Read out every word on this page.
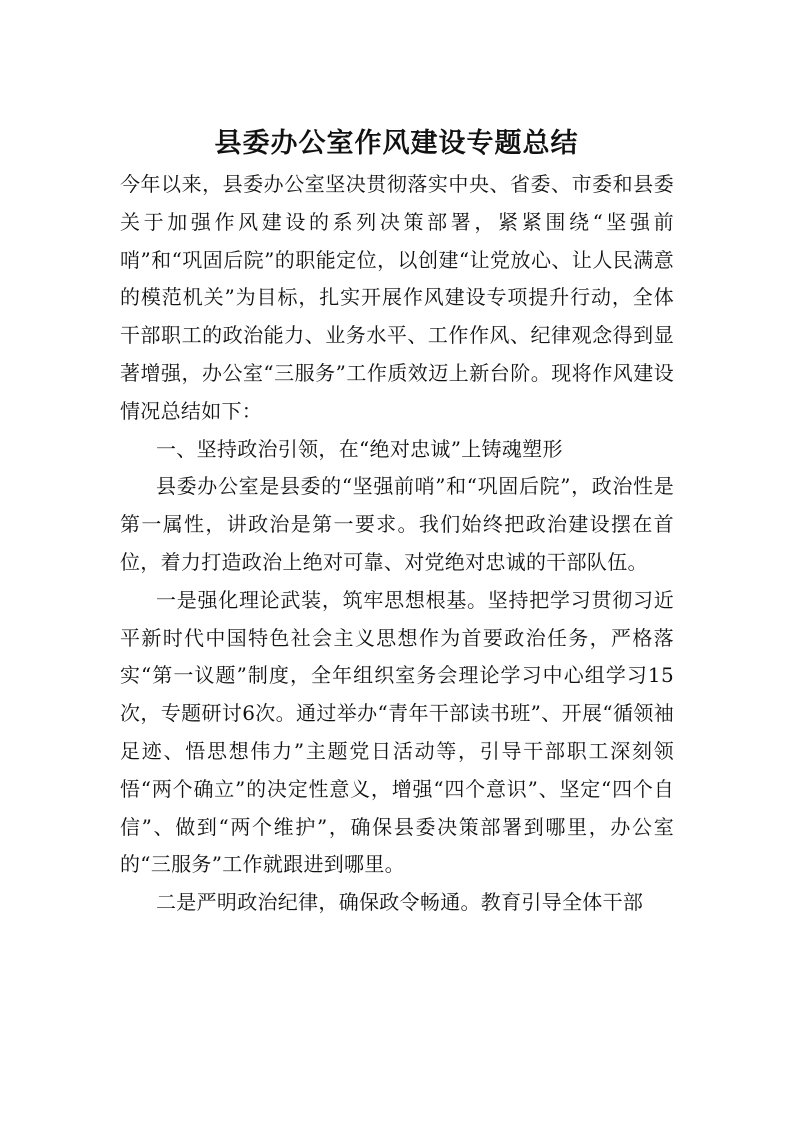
县委办公室作风建设专题总结

今年以来，县委办公室坚决贯彻落实中央、省委、市委和县委关于加强作风建设的系列决策部署，紧紧围绕“坚强前哨”和“巩固后院”的职能定位，以创建“让党放心、让人民满意的模范机关”为目标，扎实开展作风建设专项提升行动，全体干部职工的政治能力、业务水平、工作作风、纪律观念得到显著增强，办公室“三服务”工作质效迈上新台阶。现将作风建设情况总结如下：

一、坚持政治引领，在“绝对忠诚”上铸魂塑形

县委办公室是县委的“坚强前哨”和“巩固后院”，政治性是第一属性，讲政治是第一要求。我们始终把政治建设摆在首位，着力打造政治上绝对可靠、对党绝对忠诚的干部队伍。

一是强化理论武装，筑牢思想根基。坚持把学习贯彻习近平新时代中国特色社会主义思想作为首要政治任务，严格落实“第一议题”制度，全年组织室务会理论学习中心组学习15次，专题研讨6次。通过举办“青年干部读书班”、开展“循领袖足迹、悟思想伟力”主题党日活动等，引导干部职工深刻领悟“两个确立”的决定性意义，增强“四个意识”、坚定“四个自信”、做到“两个维护”，确保县委决策部署到哪里，办公室的“三服务”工作就跟进到哪里。

二是严明政治纪律，确保政令畅通。教育引导全体干部
